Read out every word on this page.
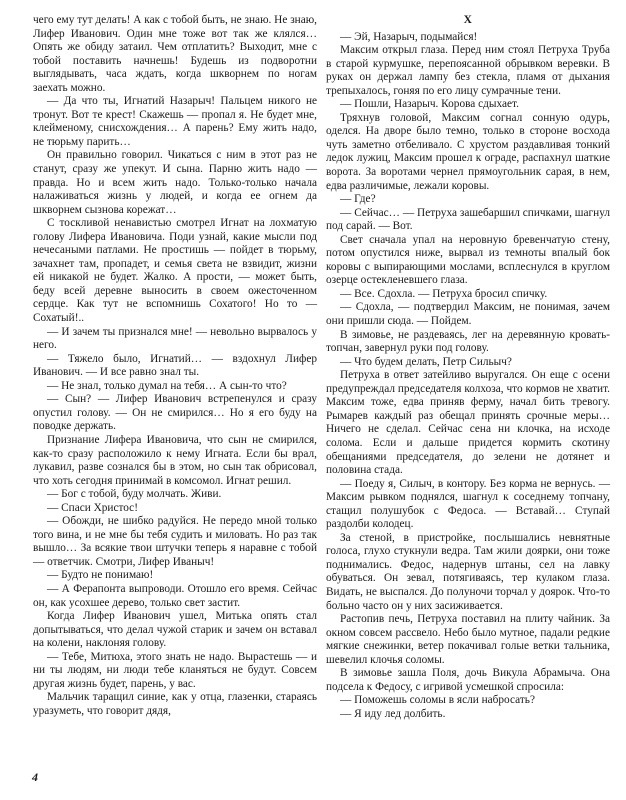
чего ему тут делать! А как с тобой быть, не знаю. Не знаю, Лифер Иванович. Один мне тоже вот так же клялся… Опять же обиду затаил. Чем отплатить? Выходит, мне с тобой поставить начнешь! Будешь из подворотни выглядывать, часа ждать, когда шкворнем по ногам заехать можно.

— Да что ты, Игнатий Назарыч! Пальцем никого не тронут. Вот те крест! Скажешь — пропал я. Не будет мне, клейменому, снисхождения… А парень? Ему жить надо, не тюрьму парить…

Он правильно говорил. Чикаться с ним в этот раз не станут, сразу же упекут. И сына. Парню жить надо — правда. Но и всем жить надо. Только-только начала налаживаться жизнь у людей, и когда ее огнем да шкворнем сызнова корежат…

С тоскливой ненавистью смотрел Игнат на лохматую голову Лифера Ивановича. Поди узнай, какие мысли под нечесаными патлами. Не простишь — пойдет в тюрьму, зачахнет там, пропадет, и семья света не взвидит, жизни ей никакой не будет. Жалко. А прости, — может быть, беду всей деревне выносить в своем ожесточенном сердце. Как тут не вспомнишь Сохатого! Но то — Сохатый!..

— И зачем ты признался мне! — невольно вырвалось у него.

— Тяжело было, Игнатий… — вздохнул Лифер Иванович. — И все равно знал ты.

— Не знал, только думал на тебя… А сын-то что?

— Сын? — Лифер Иванович встрепенулся и сразу опустил голову. — Он не смирился… Но я его буду на поводке держать.

Признание Лифера Ивановича, что сын не смирился, как-то сразу расположило к нему Игната. Если бы врал, лукавил, разве сознался бы в этом, но сын так обрисовал, что хоть сегодня принимай в комсомол. Игнат решил.

— Бог с тобой, буду молчать. Живи.

— Спаси Христос!

— Обожди, не шибко радуйся. Не передо мной только того вина, и не мне бы тебя судить и миловать. Но раз так вышло… За всякие твои штучки теперь я наравне с тобой — ответчик. Смотри, Лифер Иваныч!

— Будто не понимаю!

— А Ферапонта выпроводи. Отошло его время. Сейчас он, как усохшее дерево, только свет застит.

Когда Лифер Иванович ушел, Митька опять стал допытываться, что делал чужой старик и зачем он вставал на колени, наклоняя голову.

— Тебе, Митюха, этого знать не надо. Вырастешь — и ни ты людям, ни люди тебе кланяться не будут. Совсем другая жизнь будет, парень, у вас.

Мальчик таращил синие, как у отца, глазенки, стараясь уразуметь, что говорит дядя,

X

— Эй, Назарыч, подымайся!

Максим открыл глаза. Перед ним стоял Петруха Труба в старой курмушке, перепоясанной обрывком веревки. В руках он держал лампу без стекла, пламя от дыхания трепыхалось, гоняя по его лицу сумрачные тени.

— Пошли, Назарыч. Корова сдыхает.

Тряхнув головой, Максим согнал сонную одурь, оделся. На дворе было темно, только в стороне восхода чуть заметно отбеливало. С хрустом раздавливая тонкий ледок лужиц, Максим прошел к ограде, распахнул шаткие ворота. За воротами чернел прямоугольник сарая, в нем, едва различимые, лежали коровы.

— Где?

— Сейчас… — Петруха зашебаршил спичками, шагнул под сарай. — Вот.

Свет сначала упал на неровную бревенчатую стену, потом опустился ниже, вырвал из темноты впалый бок коровы с выпирающими мослами, всплеснулся в круглом озерце остекленевшего глаза.

— Все. Сдохла. — Петруха бросил спичку.

— Сдохла, — подтвердил Максим, не понимая, зачем они пришли сюда. — Пойдем.

В зимовье, не раздеваясь, лег на деревянную кровать-топчан, завернул руки под голову.

— Что будем делать, Петр Сильыч?

Петруха в ответ затейливо выругался. Он еще с осени предупреждал председателя колхоза, что кормов не хватит. Максим тоже, едва приняв ферму, начал бить тревогу. Рымарев каждый раз обещал принять срочные меры… Ничего не сделал. Сейчас сена ни клочка, на исходе солома. Если и дальше придется кормить скотину обещаниями председателя, до зелени не дотянет и половина стада.

— Поеду я, Силыч, в контору. Без корма не вернусь. — Максим рывком поднялся, шагнул к соседнему топчану, стащил полушубок с Федоса. — Вставай… Ступай раздолби колодец.

За стеной, в пристройке, послышались невнятные голоса, глухо стукнули ведра. Там жили доярки, они тоже поднимались. Федос, надернув штаны, сел на лавку обуваться. Он зевал, потягиваясь, тер кулаком глаза. Видать, не выспался. До полуночи торчал у доярок. Что-то больно часто он у них засиживается.

Растопив печь, Петруха поставил на плиту чайник. За окном совсем рассвело. Небо было мутное, падали редкие мягкие снежинки, ветер покачивал голые ветки тальника, шевелил клочья соломы.

В зимовье зашла Поля, дочь Викула Абрамыча. Она подсела к Федосу, с игривой усмешкой спросила:

— Поможешь соломы в ясли набросать?

— Я иду лед долбить.

4
